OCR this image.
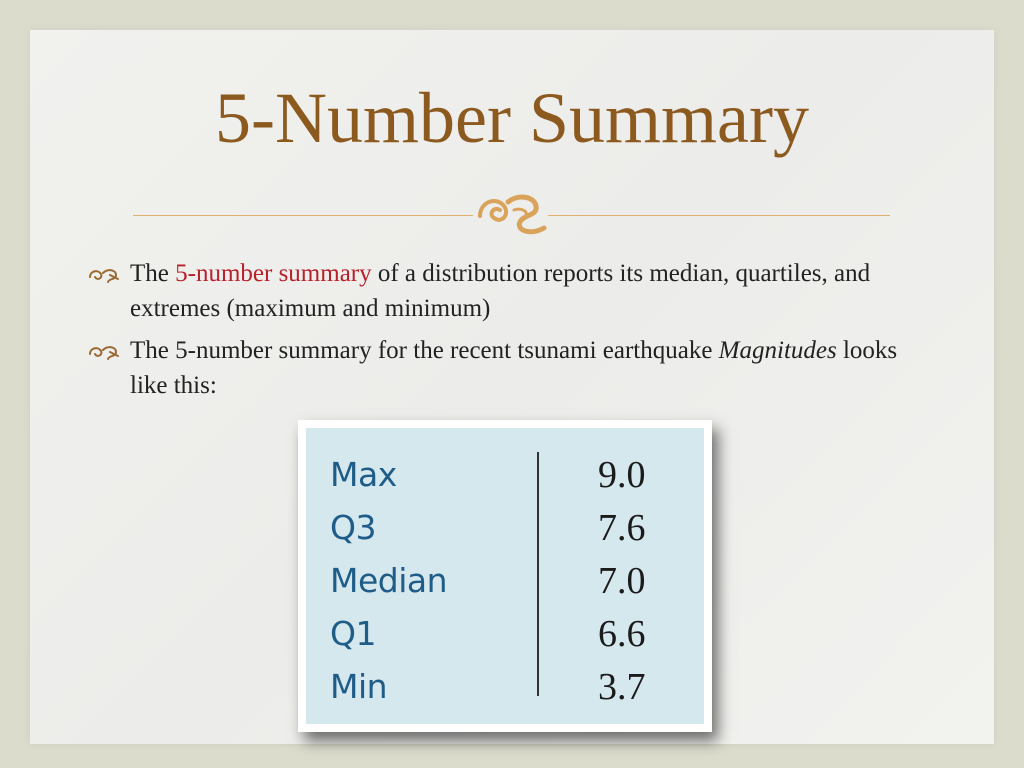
5-Number Summary
The 5-number summary of a distribution reports its median, quartiles, and extremes (maximum and minimum)
The 5-number summary for the recent tsunami earthquake Magnitudes looks like this:
Max	9.0
Q3	7.6
Median	7.0
Q1	6.6
Min	3.7
